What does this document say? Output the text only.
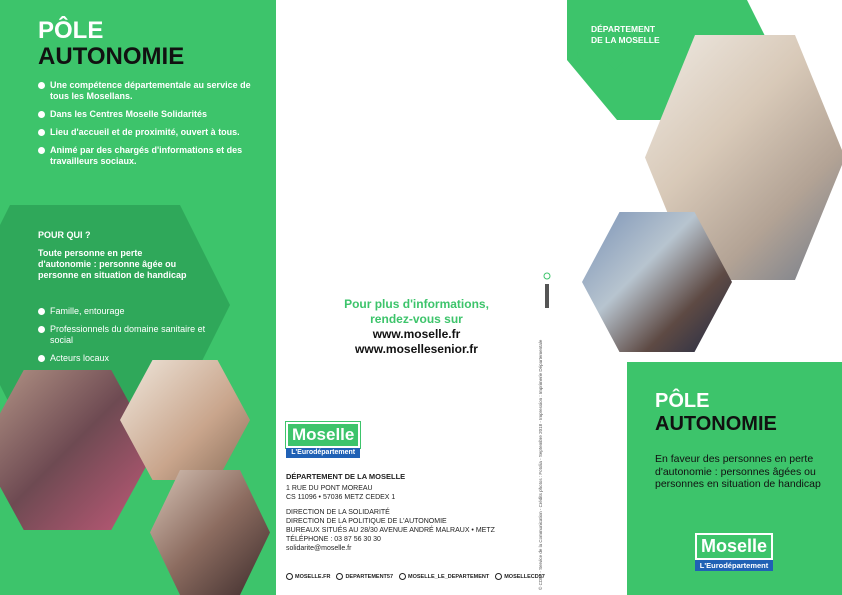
PÔLE
AUTONOMIE
Une compétence départementale au service de tous les Mosellans.
Dans les Centres Moselle Solidarités
Lieu d'accueil et de proximité, ouvert à tous.
Animé par des chargés d'informations et des travailleurs sociaux.
POUR QUI ?
Toute personne en perte d'autonomie : personne âgée ou personne en situation de handicap
Famille, entourage
Professionnels du domaine sanitaire et social
Acteurs locaux
Pour plus d'informations,
rendez-vous sur
www.moselle.fr
www.mosellesenior.fr
Moselle
L'Eurodépartement
DÉPARTEMENT DE LA MOSELLE
1 RUE DU PONT MOREAU
CS 11096 • 57036 METZ CEDEX 1
DIRECTION DE LA SOLIDARITÉ
DIRECTION DE LA POLITIQUE DE L'AUTONOMIE
BUREAUX SITUÉS AU 28/30 AVENUE ANDRÉ MALRAUX • METZ
TÉLÉPHONE : 03 87 56 30 30
solidarite@moselle.fr
MOSELLE.FR	DEPARTEMENT57	MOSELLE_LE_DEPARTEMENT	MOSELLECD57
© CD57 - Service de la Communication - Crédits photos : Fotolia - Septembre 2018 - Impression : Imprimerie Départementale
DÉPARTEMENT
DE LA MOSELLE
PÔLE
AUTONOMIE
En faveur des personnes en perte d'autonomie : personnes âgées ou personnes en situation de handicap
Moselle
L'Eurodépartement
